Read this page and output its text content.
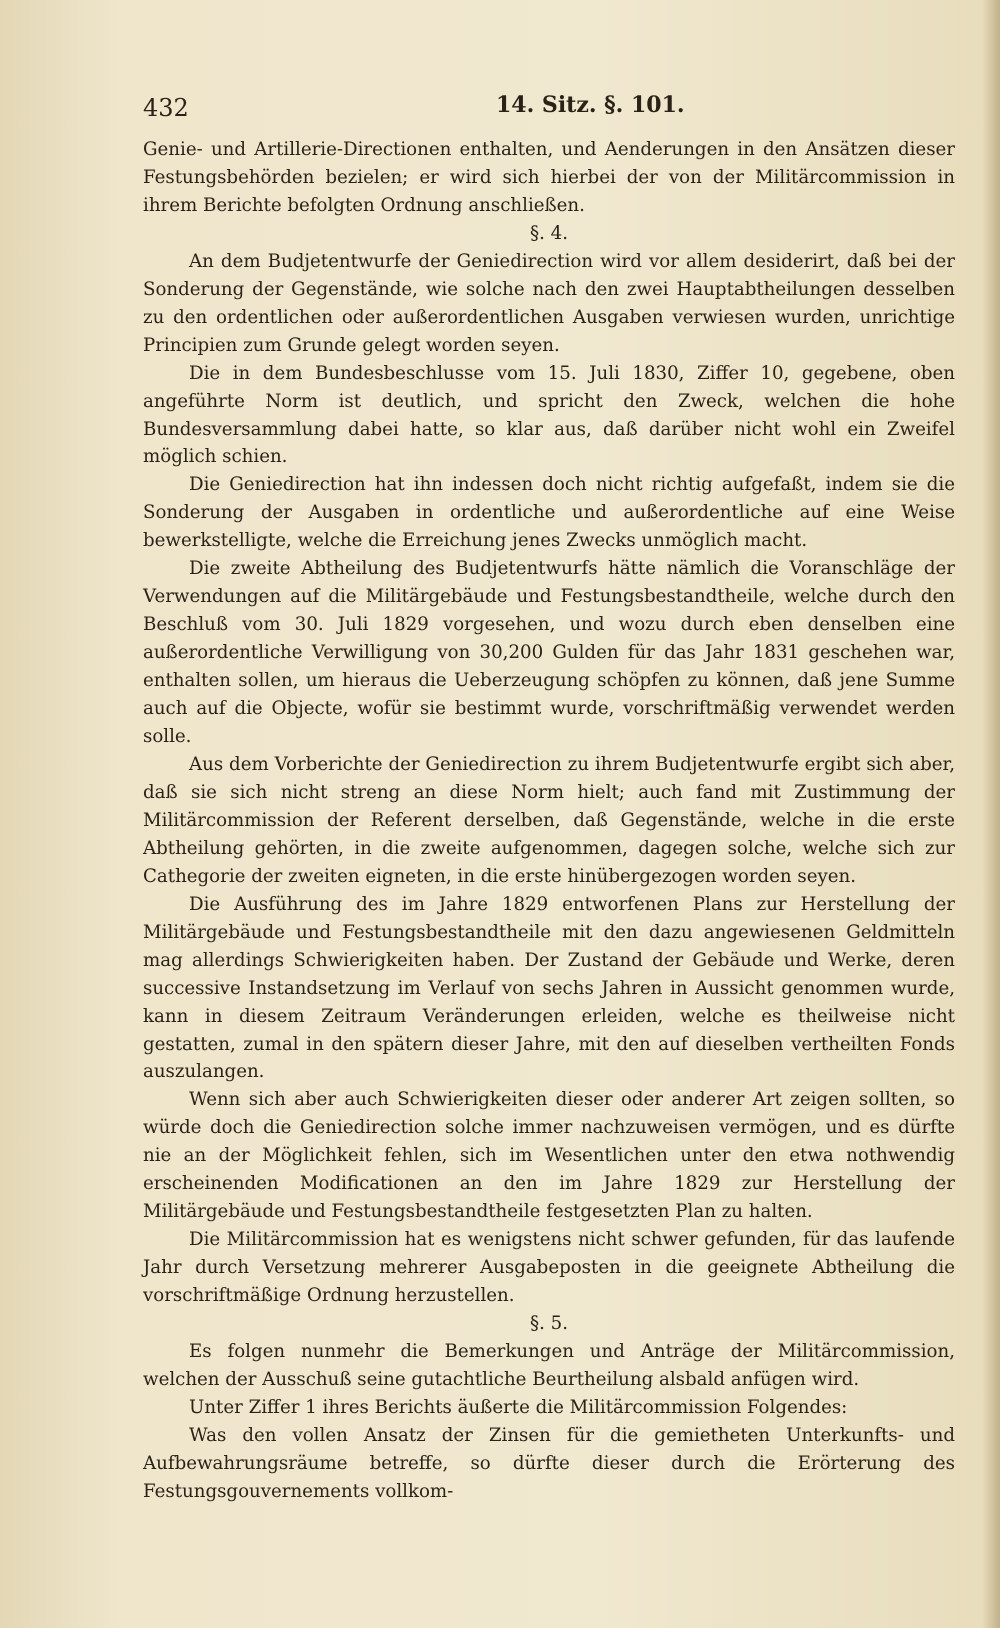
432	14. Sitz. §. 101.

Genie- und Artillerie-Directionen enthalten, und Aenderungen in den Ansätzen dieser Festungsbehörden bezielen; er wird sich hierbei der von der Militärcommission in ihrem Berichte befolgten Ordnung anschließen.

§. 4.

An dem Budjetentwurfe der Geniedirection wird vor allem desiderirt, daß bei der Sonderung der Gegenstände, wie solche nach den zwei Hauptabtheilungen desselben zu den ordentlichen oder außerordentlichen Ausgaben verwiesen wurden, unrichtige Principien zum Grunde gelegt worden seyen.

Die in dem Bundesbeschlusse vom 15. Juli 1830, Ziffer 10, gegebene, oben angeführte Norm ist deutlich, und spricht den Zweck, welchen die hohe Bundesversammlung dabei hatte, so klar aus, daß darüber nicht wohl ein Zweifel möglich schien.

Die Geniedirection hat ihn indessen doch nicht richtig aufgefaßt, indem sie die Sonderung der Ausgaben in ordentliche und außerordentliche auf eine Weise bewerkstelligte, welche die Erreichung jenes Zwecks unmöglich macht.

Die zweite Abtheilung des Budjetentwurfs hätte nämlich die Voranschläge der Verwendungen auf die Militärgebäude und Festungsbestandtheile, welche durch den Beschluß vom 30. Juli 1829 vorgesehen, und wozu durch eben denselben eine außerordentliche Verwilligung von 30,200 Gulden für das Jahr 1831 geschehen war, enthalten sollen, um hieraus die Ueberzeugung schöpfen zu können, daß jene Summe auch auf die Objecte, wofür sie bestimmt wurde, vorschriftmäßig verwendet werden solle.

Aus dem Vorberichte der Geniedirection zu ihrem Budjetentwurfe ergibt sich aber, daß sie sich nicht streng an diese Norm hielt; auch fand mit Zustimmung der Militärcommission der Referent derselben, daß Gegenstände, welche in die erste Abtheilung gehörten, in die zweite aufgenommen, dagegen solche, welche sich zur Cathegorie der zweiten eigneten, in die erste hinübergezogen worden seyen.

Die Ausführung des im Jahre 1829 entworfenen Plans zur Herstellung der Militärgebäude und Festungsbestandtheile mit den dazu angewiesenen Geldmitteln mag allerdings Schwierigkeiten haben. Der Zustand der Gebäude und Werke, deren successive Instandsetzung im Verlauf von sechs Jahren in Aussicht genommen wurde, kann in diesem Zeitraum Veränderungen erleiden, welche es theilweise nicht gestatten, zumal in den spätern dieser Jahre, mit den auf dieselben vertheilten Fonds auszulangen.

Wenn sich aber auch Schwierigkeiten dieser oder anderer Art zeigen sollten, so würde doch die Geniedirection solche immer nachzuweisen vermögen, und es dürfte nie an der Möglichkeit fehlen, sich im Wesentlichen unter den etwa nothwendig erscheinenden Modificationen an den im Jahre 1829 zur Herstellung der Militärgebäude und Festungsbestandtheile festgesetzten Plan zu halten.

Die Militärcommission hat es wenigstens nicht schwer gefunden, für das laufende Jahr durch Versetzung mehrerer Ausgabeposten in die geeignete Abtheilung die vorschriftmäßige Ordnung herzustellen.

§. 5.

Es folgen nunmehr die Bemerkungen und Anträge der Militärcommission, welchen der Ausschuß seine gutachtliche Beurtheilung alsbald anfügen wird.

Unter Ziffer 1 ihres Berichts äußerte die Militärcommission Folgendes:

Was den vollen Ansatz der Zinsen für die gemietheten Unterkunfts- und Aufbewahrungsräume betreffe, so dürfte dieser durch die Erörterung des Festungsgouvernements vollkom-
